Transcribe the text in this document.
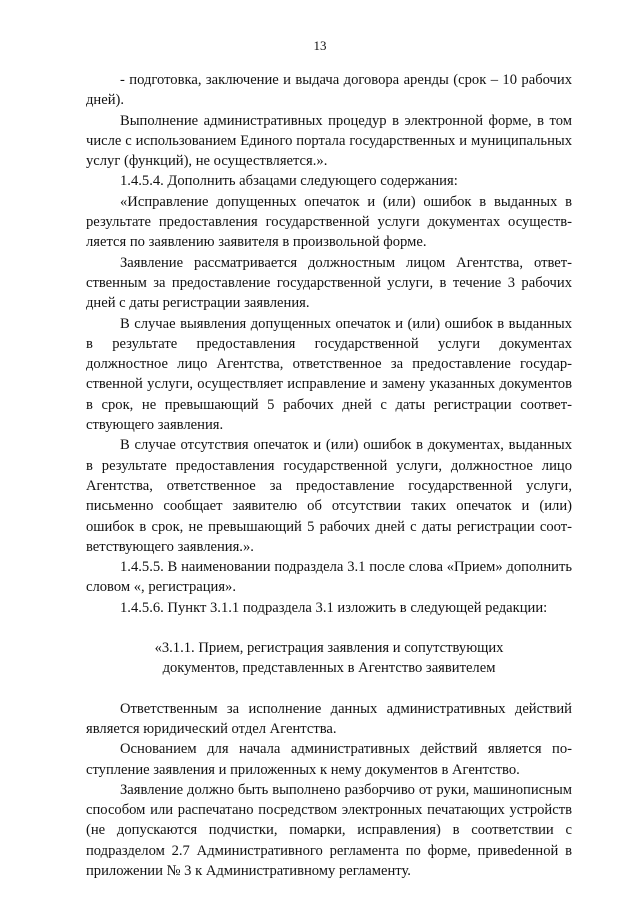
13

- подготовка, заключение и выдача договора аренды (срок – 10 рабочих дней).

Выполнение административных процедур в электронной форме, в том числе с использованием Единого портала государственных и муниципальных услуг (функций), не осуществляется.».

1.4.5.4. Дополнить абзацами следующего содержания:

«Исправление допущенных опечаток и (или) ошибок в выданных в результате предоставления государственной услуги документах осуществляется по заявлению заявителя в произвольной форме.

Заявление рассматривается должностным лицом Агентства, ответственным за предоставление государственной услуги, в течение 3 рабочих дней с даты регистрации заявления.

В случае выявления допущенных опечаток и (или) ошибок в выданных в результате предоставления государственной услуги документах должностное лицо Агентства, ответственное за предоставление государственной услуги, осуществляет исправление и замену указанных документов в срок, не превышающий 5 рабочих дней с даты регистрации соответствующего заявления.

В случае отсутствия опечаток и (или) ошибок в документах, выданных в результате предоставления государственной услуги, должностное лицо Агентства, ответственное за предоставление государственной услуги, письменно сообщает заявителю об отсутствии таких опечаток и (или) ошибок в срок, не превышающий 5 рабочих дней с даты регистрации соответствующего заявления.».

1.4.5.5. В наименовании подраздела 3.1 после слова «Прием» дополнить словом «, регистрация».

1.4.5.6. Пункт 3.1.1 подраздела 3.1 изложить в следующей редакции:

«3.1.1. Прием, регистрация заявления и сопутствующих документов, представленных в Агентство заявителем

Ответственным за исполнение данных административных действий является юридический отдел Агентства.

Основанием для начала административных действий является поступление заявления и приложенных к нему документов в Агентство.

Заявление должно быть выполнено разборчиво от руки, машинописным способом или распечатано посредством электронных печатающих устройств (не допускаются подчистки, помарки, исправления) в соответствии с подразделом 2.7 Административного регламента по форме, привеdенной в приложении № 3 к Административному регламенту.
